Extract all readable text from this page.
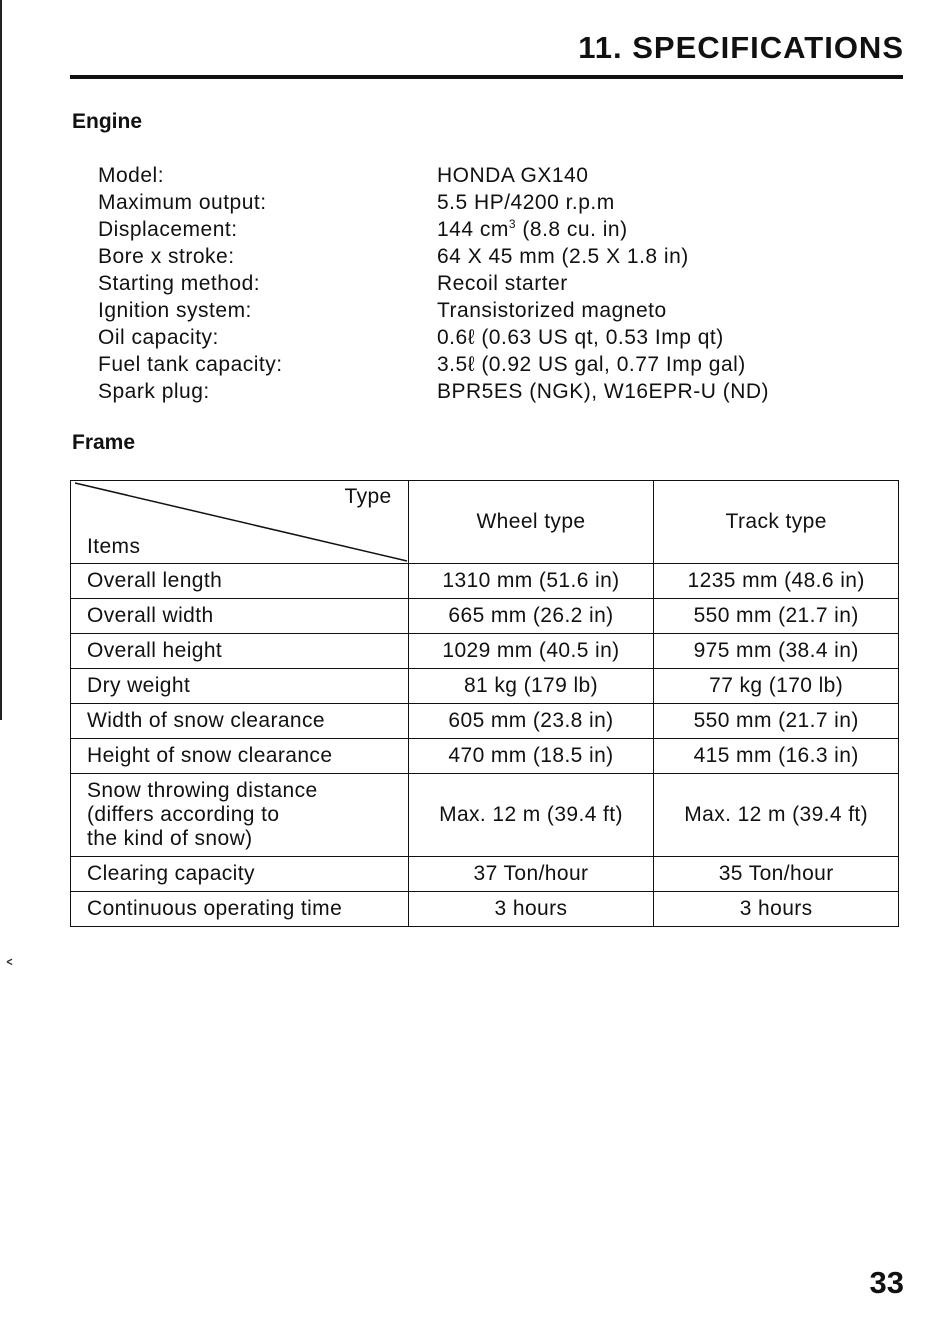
˂
11. SPECIFICATIONS
Engine
Model:	HONDA GX140
Maximum output:	5.5 HP/4200 r.p.m
Displacement:	144 $cm^3$ (8.8 cu. in)
Bore x stroke:	64 X 45 mm (2.5 X 1.8 in)
Starting method:	Recoil starter
Ignition system:	Transistorized magneto
Oil capacity:	0.6ℓ (0.63 US qt, 0.53 Imp qt)
Fuel tank capacity:	3.5ℓ (0.92 US gal, 0.77 Imp gal)
Spark plug:	BPR5ES (NGK), W16EPR-U (ND)
Frame
Type
Items	Wheel type	Track type
Overall length	1310 mm (51.6 in)	1235 mm (48.6 in)
Overall width	665 mm (26.2 in)	550 mm (21.7 in)
Overall height	1029 mm (40.5 in)	975 mm (38.4 in)
Dry weight	81 kg (179 lb)	77 kg (170 lb)
Width of snow clearance	605 mm (23.8 in)	550 mm (21.7 in)
Height of snow clearance	470 mm (18.5 in)	415 mm (16.3 in)

Snow throwing distance
(differs according to
the kind of snow)	Max. 12 m (39.4 ft)	Max. 12 m (39.4 ft)
Clearing capacity	37 Ton/hour	35 Ton/hour
Continuous operating time	3 hours	3 hours
33
